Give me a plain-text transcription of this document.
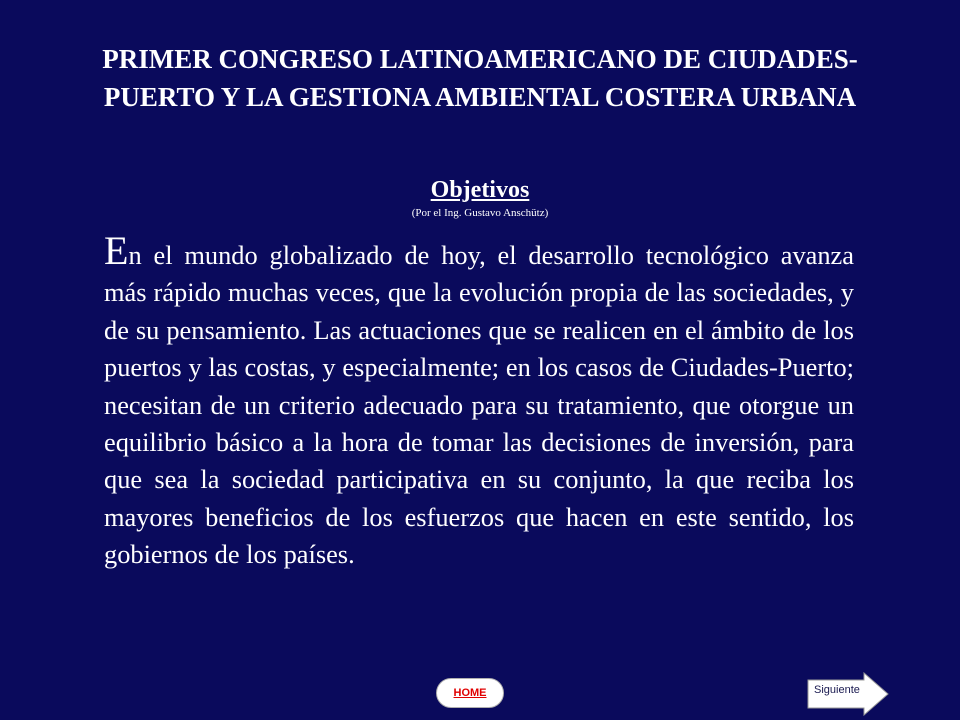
PRIMER CONGRESO LATINOAMERICANO DE CIUDADES-PUERTO Y LA GESTIONA AMBIENTAL COSTERA URBANA
Objetivos

(Por el Ing. Gustavo Anschütz)

En el mundo globalizado de hoy, el desarrollo tecnológico avanza más rápido muchas veces, que la evolución propia de las sociedades, y de su pensamiento. Las actuaciones que se realicen en el ámbito de los puertos y las costas, y especialmente; en los casos de Ciudades-Puerto; necesitan de un criterio adecuado para su tratamiento, que otorgue un equilibrio básico a la hora de tomar las decisiones de inversión, para que sea la sociedad participativa en su conjunto, la que reciba los mayores beneficios de los esfuerzos que hacen en este sentido, los gobiernos de los países.

HOME	Siguiente
